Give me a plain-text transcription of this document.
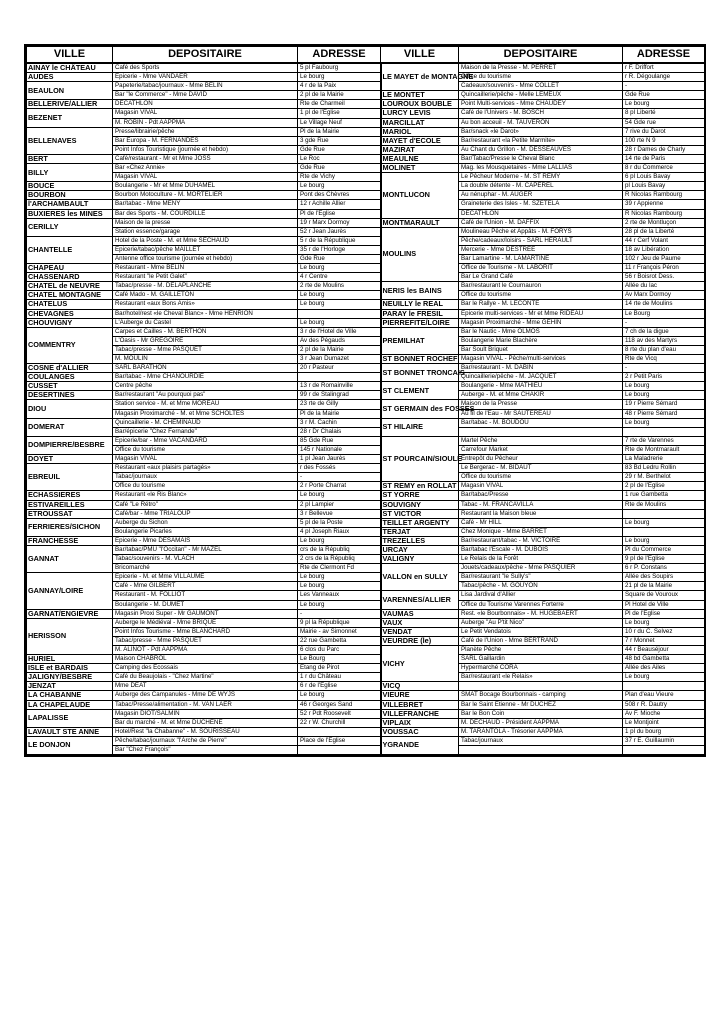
VILLE	DEPOSITAIRE	ADRESSE	VILLE	DEPOSITAIRE	ADRESSE
AINAY le CHÂTEAU	Café des Sports	5 pl Faubourg	LE MAYET de MONTAGNE	Maison de la Presse - M. PERRET	r F. Driffort
AUDES	Epicerie - Mme VANDAER	Le bourg		Office du tourisme	r R. Dégoulange
BEAULON	Papeterie/tabac/journaux - Mme BELIN	4 r de la Paix		Cadeaux/souvenirs - Mme COLLET	-
	Bar "le Commerce" - Mme DAVID	2 pl de la Mairie	LE MONTET	Quincaillerie/pêche - Melle LEMEUX	Gde Rue
BELLERIVE/ALLIER	DECATHLON	Rte de Charmeil	LOUROUX BOUBLE	Point Multi-services - Mme CHAUDEY	Le bourg
BEZENET	Magasin VIVAL	1 pl de l'Eglise	LURCY LEVIS	Café de l'Univers - M. BOSCH	8 pl Liberté
	M. ROBIN - Pdt AAPPMA	Le Village Neuf	MARCILLAT	Au bon acceuil - M. TAUVERON	54 Gde rue
BELLENAVES	Presse/librairie/pêche	Pl de la Mairie	MARIOL	Bar/snack «le Darot»	7 rive du Darot
	Bar Europa - M. FERNANDES	3 gde Rue	MAYET d'ECOLE	Bar/restaurant «la Petite Marmite»	100 rte N 9
	Point Infos Touristique (journée et hebdo)	Gde Rue	MAZIRAT	Au Chant du Grillon - M. DESSEAUVES	28 r Dames de Charly
BERT	Café/restaurant - Mr et Mme JOSS	Le Roc	MEAULNE	Bar/Tabac/Presse le Cheval Blanc	14 rte de Paris
BILLY	Bar «Chez Annie»	Gde Rue	MOLINET	Mag. les Mousquetaires - Mme LALLIAS	8 r du Commerce
	Magasin VIVAL	Rte de Vichy	MONTLUCON	Le Pêcheur Moderne - M. ST REMY	6 pl Louis Bavay
BOUCE	Boulangerie - Mr et Mme DUHAMEL	Le bourg		La double détente - M. CAPEREL	pl Louis Bavay
BOURBON	Bourbon Motoculture - M. MORTELIER	Pont des Chèvres		Au nénuphar - M. AUGER	R Nicolas Rambourg
l'ARCHAMBAULT	Bar/tabac - Mme MENY	12 r Achille Allier		Graineterie des Isles - M. SZETELA	39 r Appienne
BUXIERES les MINES	Bar des Sports - M. COURDILLE	Pl de l'Eglise		DECATHLON	R Nicolas Rambourg
CERILLY	Maison de la presse	19 r Marx Dormoy	MONTMARAULT	Café de l'Union - M. DAFFIX	2 rte de Montluçon
	Station essence/garage	52 r Jean Jaurès	MOULINS	Moulineau Pêche et Appâts - M. FORYS	28 pl de la Liberté
CHANTELLE	Hotel de la Poste - M. et Mme SECHAUD	5 r de la République		Pêche/cadeaux/loisirs - SARL HERAULT	44 r Cerf Volant
	Epicerie/tabac/pêche MAILLET	35 r de l'Horloge		Mercerie - Mme DESTREE	18 av Libération
	Antenne office tourisme (journée et hebdo)	Gde Rue		Bar Lamartine - M. LAMARTINE	102 r Jeu de Paume
CHAPEAU	Restaurant - Mme BELIN	Le bourg		Office de Tourisme - M. LABORIT	11 r François Péron
CHASSENARD	Restaurant "le Petit Galet"	4 r Centre		Bar Le Grand Café	56 r Boisrot Dess.
CHATEL de NEUVRE	Tabac/presse - M. DELAPLANCHE	2 rte de Moulins	NERIS les BAINS	Bar/restaurant le Cournauron	Allée du lac
CHATEL MONTAGNE	Café Mado - M. GAILLETON	Le bourg		Office du tourisme	Av Marx Dormoy
CHATELUS	Restaurant «aux Bons Amis»	Le bourg	NEUILLY le REAL	Bar le Rallye - M. LECONTE	14 rte de Moulins
CHEVAGNES	Bar/hotel/rest «le Cheval Blanc» - Mme HENRION		PARAY le FRESIL	Epicerie multi-services - Mr et Mme RIDEAU	Le Bourg
CHOUVIGNY	L'Auberge du Castel	Le bourg	PIERREFITE/LOIRE	Magasin Proximarché - Mme GEHIN	-
COMMENTRY	Carpes et Cailles - M. BERTHON	3 r de l'Hotel de Ville	PREMILHAT	Bar le Nautic - Mme OLMOS	7 ch de la digue
	L'Oasis - Mr GREGOIRE	Av des Pégauds		Boulangerie Marie Blachère	118 av des Martyrs
	Tabac/presse - Mme PASQUET	2 pl de la Mairie		Bar Soult Briquet	8 rte du plan d'eau
	M. MOULIN	3 r Jean Dumazet	ST BONNET ROCHEF	Magasin VIVAL - Pêche/multi-services	Rte de Vicq
COSNE d'ALLIER	SARL BARATHON	20 r Pasteur	ST BONNET TRONCAIS	Bar/restaurant - M. DABIN	-
COULANGES	Bar/tabac - Mme CHANOURDIE			Quincaillerie/pêche - M. JACQUET	2 r Petit Paris
CUSSET	Centre pêche	13 r de Romainville	ST CLEMENT	Boulangerie - Mme MATHIEU	Le bourg
DESERTINES	Bar/restaurant "Au pourquoi pas"	99 r de Stalingrad		Auberge - M. et Mme CHAKIR	Le bourg
DIOU	Station service - M. et Mme MOREAU	23 rte de Gilly	ST GERMAIN des FOSSES	Maison de la Presse	19 r Pierre Sémard
	Magasin Proximarché - M. et Mme SCHOLTES	Pl de la Mairie		Au fil de l'Eau - Mr SAUTEREAU	48 r Pierre Sémard
DOMERAT	Quincaillerie - M. CHEMINAUD	3 r M. Cachin	ST HILAIRE	Bar/tabac - M. BOUDOU	Le bourg
	Bar/épicerie "Chez Fernande"	28 r Dr Chalais			
DOMPIERRE/BESBRE	Epicerie/bar - Mme VACANDARD	85 Gde Rue	ST POURCAIN/SIOULE	Martel Pêche	7 rte de Varennes
	Office du tourisme	145 r Nationale		Carrefour Market	Rte de Montmarault
DOYET	Magasin VIVAL	1 pl Jean Jaurès		Entrepôt du Pêcheur	La Maladrerie
EBREUIL	Restaurant «aux plaisirs partagés»	r des Fossés		Le Bergerac - M. BIDAUT	83 Bd Ledru Rollin
	Tabac/journaux	-		Office du tourisme	29 r M. Berthelot
	Office du tourisme	2 r Porte Charrat	ST REMY en ROLLAT	Magasin VIVAL	2 pl de l'Eglise
ECHASSIERES	Restaurant «le Ris Blanc»	Le bourg	ST YORRE	Bar/tabac/Presse	1 rue Gambetta
ESTIVAREILLES	Café "Le Rétro"	2 pl Lampier	SOUVIGNY	Tabac - M. FRANCAVILLA	Rte de Moulins
ETROUSSAT	Café/bar - Mme TRIALOUP	3 r Bellevue	ST VICTOR	Restaurant la Maison bleue	
FERRIERES/SICHON	Auberge du Sichon	5 pl de la Poste	TEILLET ARGENTY	Café - Mr HILL	Le bourg
	Boulangerie Picarles	4 pl Joseph Riaux	TERJAT	Chez Monique - Mme BARRET	
FRANCHESSE	Epicerie - Mme DESAMAIS	Le bourg	TREZELLES	Bar/restaurant/tabac - M. VICTOIRE	Le bourg
GANNAT	Bar/tabac/PMU "l'Occitan" - Mr MAZEL	crs de la Républiq	URCAY	Bar/tabac l'Escale - M. DUBOIS	Pl du Commerce
	Tabac/souvenirs - M. VLACH	2 crs de la Républiq	VALIGNY	Le Relais de la Forêt	9 pl de l'Eglise
	Bricomarché	Rte de Clermont Fd	VALLON en SULLY	Jouets/cadeaux/pêche - Mme PASQUIER	6 r P. Constans
GANNAY/LOIRE	Epicerie - M. et Mme VILLAUME	Le bourg		Bar/restaurant "le Sully's"	Allée des Soupirs
	Café - Mme GILBERT	Le bourg		Tabac/pêche - M. GOUYON	21 pl de la Mairie
	Restaurant - M. FOLLIOT	Les Vanneaux	VARENNES/ALLIER	Lisa Jardival d'Allier	Square de Vouroux
	Boulangerie - M. DUMET	Le bourg		Office du Tourisme Varennes Forterre	Pl Hotel de Ville
GARNAT/ENGIEVRE	Magasin Proxi Super - Mr GAUMONT	-	VAUMAS	Rest. «le Bourbonnais» - M. HUGEBAERT	Pl de l'Eglise
HERISSON	Auberge le Médiéval - Mme BRIQUE	9 pl la République	VAUX	Auberge "Au P'tit Nico"	Le bourg
	Point Infos Tourisme - Mme BLANCHARD	Mairie - av Simonnet	VENDAT	Le Petit Vendatois	10 r du C. Selvez
	Tabac/presse - Mme PASQUET	22 rue Gambetta	VEURDRE (le)	Café de l'Union - Mme BERTRAND	7 r Monnet
	M. ALINOT - Pdt AAPPMA	6 clos du Parc	VICHY	Planète Pêche	44 r Beauséjour
HURIEL	Maison CHABROL	Le Bourg		SARL Gaillardin	48 bd Gambetta
ISLE et BARDAIS	Camping des Ecossais	Etang de Pirot		Hypermarché CORA	Allée des Ailes
JALIGNY/BESBRE	Café du Beaujolais - "Chez Martine"	1 r du Château		Bar/restaurant «le Relais»	Le bourg
JENZAT	Mme DEAT	6 r de l'Eglise	VICQ		
LA CHABANNE	Auberge des Campanules - Mme DE WYJS	Le bourg	VIEURE	SMAT Bocage Bourbonnais - camping	Plan d'eau Vieure
LA CHAPELAUDE	Tabac/Presse/alimentation - M. VAN LAER	46 r Georges Sand	VILLEBRET	Bar le Saint Etienne - Mr DUCHEZ	508 r R. Dautry
LAPALISSE	Magasin DIOT/SALMIN	52 r Pdt Roosevelt	VILLEFRANCHE	Bar le Bon Coin	Av F. Mioche
	Bar du marché - M. et Mme DUCHENE	22 r W. Churchill	VIPLAIX	M. DECHAUD - Président AAPPMA	Le Montjoint
LAVAULT STE ANNE	Hotel/Rest "la Chabanne" - M. SOURISSEAU		VOUSSAC	M. TARANTOLA - Trésorier AAPPMA	1 pl du bourg
LE DONJON	Pêche/tabac/journaux "l'Arche de Pierre"	Place de l'Eglise	YGRANDE	Tabac/journaux	37 r E. Guillaumin
	Bar "Chez François"				
